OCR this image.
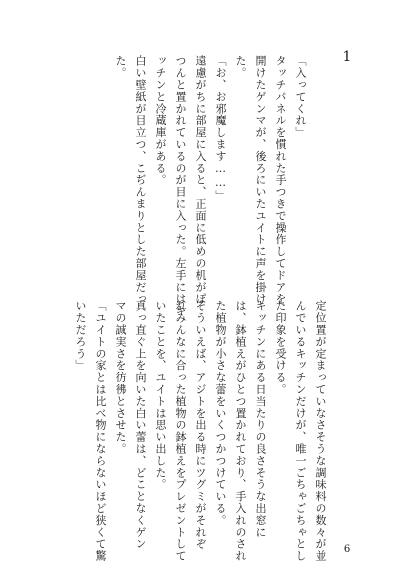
1

「入ってくれ」

タッチパネルを慣れた手つきで操作してドアを

開けたゲンマが、後ろにいたユイトに声を掛け

た。

「お、お邪魔します……」

遠慮がちに部屋に入ると、正面に低めの机がぽ

つんと置かれているのが目に入った。左手にはキ

ッチンと冷蔵庫がある。

白い壁紙が目立つ、こぢんまりとした部屋だっ

た。

定位置が定まっていなさそうな調味料の数々が並

んでいるキッチンだけが、唯一ごちゃごちゃとし

た印象を受ける。

キッチンにある日当たりの良さそうな出窓に

は、鉢植えがひとつ置かれており、手入れのされ

た植物が小さな蕾をいくつかつけている。

そういえば、アジトを出る時にツグミがそれぞ

れみんなに合った植物の鉢植えをプレゼントして

いたことを、ユイトは思い出した。

真っ直ぐ上を向いた白い蕾は、どことなくゲン

マの誠実さを彷彿とさせた。

「ユイトの家とは比べ物にならないほど狭くて驚

いただろう」

6
